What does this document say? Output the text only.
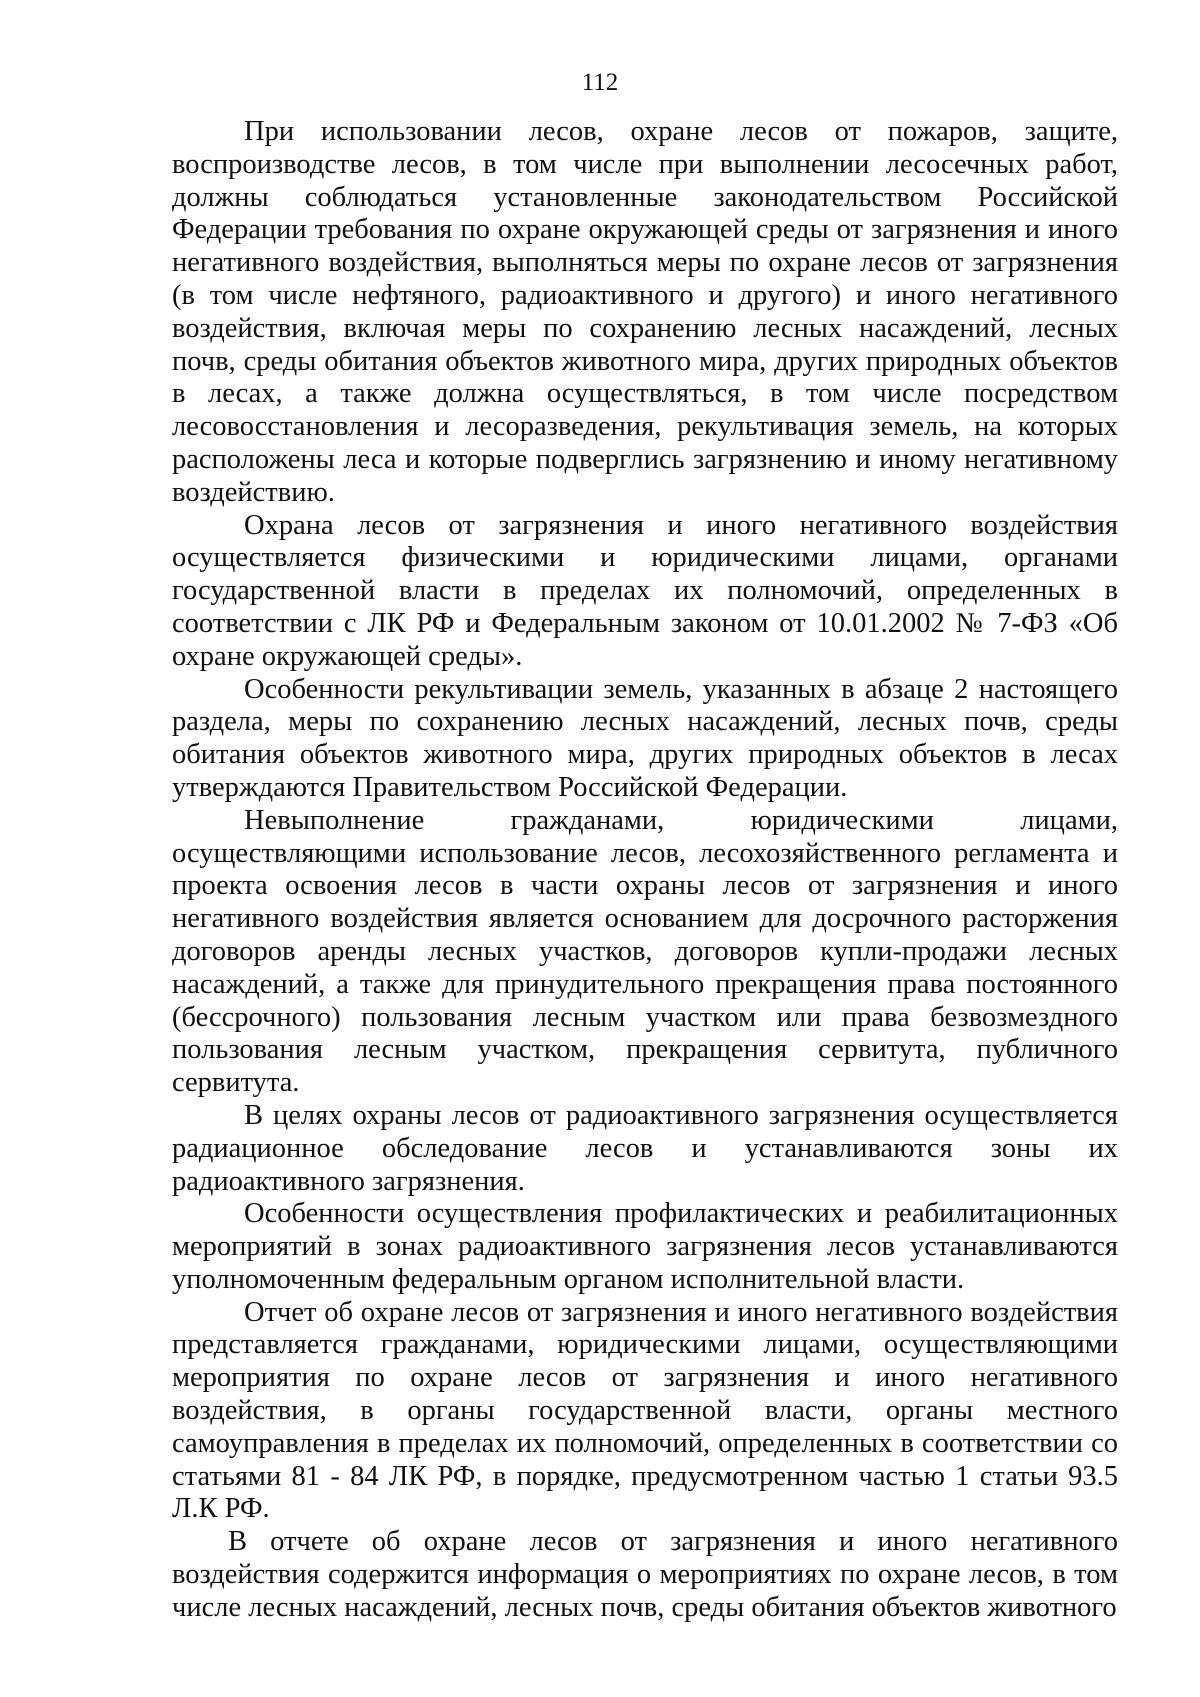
112

При использовании лесов, охране лесов от пожаров, защите, воспроизводстве лесов, в том числе при выполнении лесосечных работ, должны соблюдаться установленные законодательством Российской Федерации требования по охране окружающей среды от загрязнения и иного негативного воздействия, выполняться меры по охране лесов от загрязнения (в том числе нефтяного, радиоактивного и другого) и иного негативного воздействия, включая меры по сохранению лесных насаждений, лесных почв, среды обитания объектов животного мира, других природных объектов в лесах, а также должна осуществляться, в том числе посредством лесовосстановления и лесоразведения, рекультивация земель, на которых расположены леса и которые подверглись загрязнению и иному негативному воздействию.

Охрана лесов от загрязнения и иного негативного воздействия осуществляется физическими и юридическими лицами, органами государственной власти в пределах их полномочий, определенных в соответствии с ЛК РФ и Федеральным законом от 10.01.2002 № 7-ФЗ «Об охране окружающей среды».

Особенности рекультивации земель, указанных в абзаце 2 настоящего раздела, меры по сохранению лесных насаждений, лесных почв, среды обитания объектов животного мира, других природных объектов в лесах утверждаются Правительством Российской Федерации.

Невыполнение гражданами, юридическими лицами, осуществляющими использование лесов, лесохозяйственного регламента и проекта освоения лесов в части охраны лесов от загрязнения и иного негативного воздействия является основанием для досрочного расторжения договоров аренды лесных участков, договоров купли-продажи лесных насаждений, а также для принудительного прекращения права постоянного (бессрочного) пользования лесным участком или права безвозмездного пользования лесным участком, прекращения сервитута, публичного сервитута.

В целях охраны лесов от радиоактивного загрязнения осуществляется радиационное обследование лесов и устанавливаются зоны их радиоактивного загрязнения.

Особенности осуществления профилактических и реабилитационных мероприятий в зонах радиоактивного загрязнения лесов устанавливаются уполномоченным федеральным органом исполнительной власти.

Отчет об охране лесов от загрязнения и иного негативного воздействия представляется гражданами, юридическими лицами, осуществляющими мероприятия по охране лесов от загрязнения и иного негативного воздействия, в органы государственной власти, органы местного самоуправления в пределах их полномочий, определенных в соответствии со статьями 81 - 84 ЛК РФ, в порядке, предусмотренном частью 1 статьи 93.5 Л.К РФ.

В отчете об охране лесов от загрязнения и иного негативного воздействия содержится информация о мероприятиях по охране лесов, в том числе лесных насаждений, лесных почв, среды обитания объектов животного
